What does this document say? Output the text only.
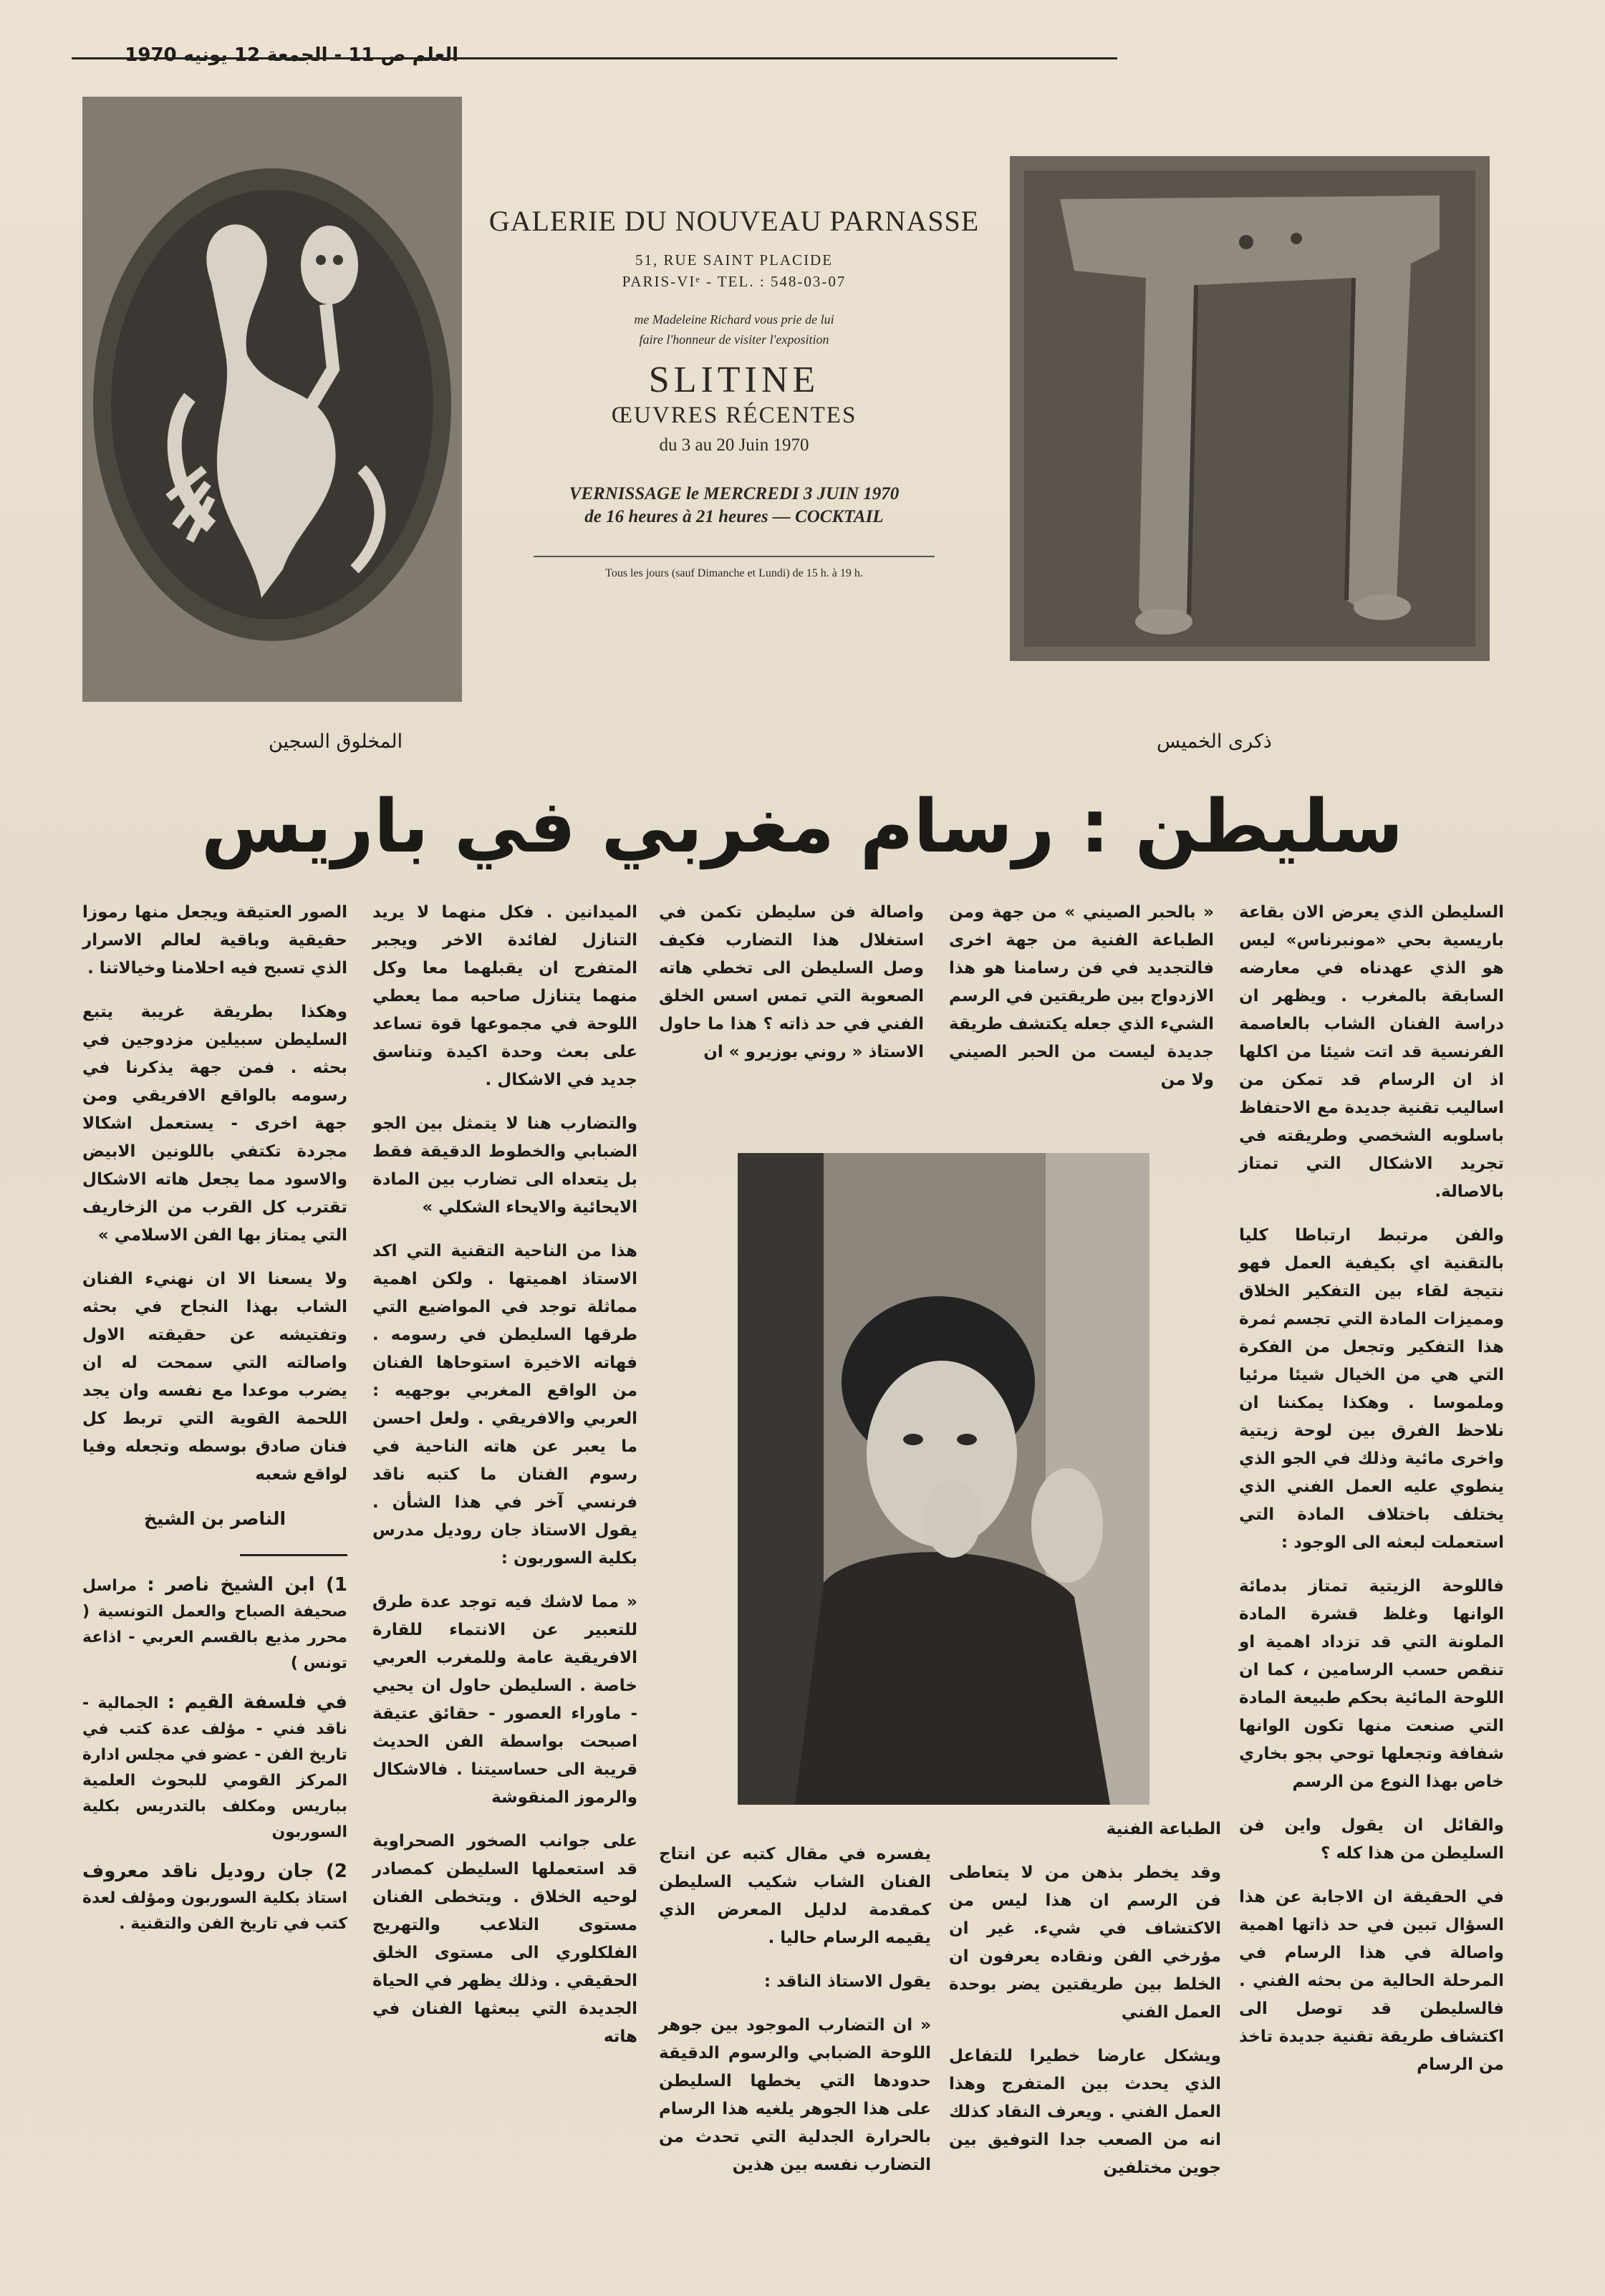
العلم ص 11 - الجمعة 12 يونيه 1970
GALERIE DU NOUVEAU PARNASSE
51, RUE SAINT PLACIDE
PARIS-VIᵉ - TEL. : 548-03-07
me Madeleine Richard vous prie de lui
faire l'honneur de visiter l'exposition
SLITINE
ŒUVRES RÉCENTES
du 3 au 20 Juin 1970
VERNISSAGE le MERCREDI 3 JUIN 1970
de 16 heures à 21 heures — COCKTAIL
Tous les jours (sauf Dimanche et Lundi) de 15 h. à 19 h.
المخلوق السجين	ذكرى الخميس
سليطن : رسام مغربي في باريس

السليطن الذي يعرض الان بقاعة باريسية بحي «مونبرناس» ليس هو الذي عهدناه في معارضه السابقة بالمغرب . ويظهر ان دراسة الفنان الشاب بالعاصمة الفرنسية قد اتت شيئا من اكلها اذ ان الرسام قد تمكن من اساليب تقنية جديدة مع الاحتفاظ باسلوبه الشخصي وطريقته في تجريد الاشكال التي تمتاز بالاصالة.

والفن مرتبط ارتباطا كليا بالتقنية اي بكيفية العمل فهو نتيجة لقاء بين التفكير الخلاق ومميزات المادة التي تجسم ثمرة هذا التفكير وتجعل من الفكرة التي هي من الخيال شيئا مرئيا وملموسا . وهكذا يمكننا ان نلاحظ الفرق بين لوحة زيتية واخرى مائية وذلك في الجو الذي ينطوي عليه العمل الفني الذي يختلف باختلاف المادة التي استعملت لبعثه الى الوجود :

فاللوحة الزيتية تمتاز بدمائة الوانها وغلظ قشرة المادة الملونة التي قد تزداد اهمية او تنقص حسب الرسامين ، كما ان اللوحة المائية بحكم طبيعة المادة التي صنعت منها تكون الوانها شفافة وتجعلها توحي بجو بخاري خاص بهذا النوع من الرسم

والقائل ان يقول واين فن السليطن من هذا كله ؟

في الحقيقة ان الاجابة عن هذا السؤال تبين في حد ذاتها اهمية واصالة في هذا الرسام في المرحلة الحالية من بحثه الفني . فالسليطن قد توصل الى اكتشاف طريقة تقنية جديدة تاخذ من الرسام

« بالحبر الصيني » من جهة ومن الطباعة الفنية من جهة اخرى فالتجديد في فن رسامنا هو هذا الازدواج بين طريقتين في الرسم الشيء الذي جعله يكتشف طريقة جديدة ليست من الحبر الصيني ولا من

واصالة فن سليطن تكمن في استغلال هذا التضارب فكيف وصل السليطن الى تخطي هاته الصعوبة التي تمس اسس الخلق الفني في حد ذاته ؟ هذا ما حاول الاستاذ « روني بوزيرو » ان

الطباعة الفنية

وقد يخطر بذهن من لا يتعاطى فن الرسم ان هذا ليس من الاكتشاف في شيء. غير ان مؤرخي الفن ونقاده يعرفون ان الخلط بين طريقتين يضر بوحدة العمل الفني

ويشكل عارضا خطيرا للتفاعل الذي يحدث بين المتفرج وهذا العمل الفني . ويعرف النقاد كذلك انه من الصعب جدا التوفيق بين جوين مختلفين

يفسره في مقال كتبه عن انتاج الفنان الشاب شكيب السليطن كمقدمة لدليل المعرض الذي يقيمه الرسام حاليا .

يقول الاستاذ الناقد :

« ان التضارب الموجود بين جوهر اللوحة الضبابي والرسوم الدقيقة حدودها التي يخطها السليطن على هذا الجوهر يلغيه هذا الرسام بالحرارة الجدلية التي تحدث من التضارب نفسه بين هذين

الميدانين . فكل منهما لا يريد التنازل لفائدة الاخر ويجبر المتفرج ان يقبلهما معا وكل منهما يتنازل صاحبه مما يعطي اللوحة في مجموعها قوة تساعد على بعث وحدة اكيدة وتناسق جديد في الاشكال .

والتضارب هنا لا يتمثل بين الجو الضبابي والخطوط الدقيقة فقط بل يتعداه الى تضارب بين المادة الايحائية والايحاء الشكلي »

هذا من الناحية التقنية التي اكد الاستاذ اهميتها . ولكن اهمية مماثلة توجد في المواضيع التي طرقها السليطن في رسومه . فهاته الاخيرة استوحاها الفنان من الواقع المغربي بوجهيه : العربي والافريقي . ولعل احسن ما يعبر عن هاته الناحية في رسوم الفنان ما كتبه ناقد فرنسي آخر في هذا الشأن . يقول الاستاذ جان روديل مدرس بكلية السوربون :

« مما لاشك فيه توجد عدة طرق للتعبير عن الانتماء للقارة الافريقية عامة وللمغرب العربي خاصة . السليطن حاول ان يحيي - ماوراء العصور - حقائق عتيقة اصبحت بواسطة الفن الحديث قريبة الى حساسيتنا . فالاشكال والرموز المنقوشة

على جوانب الصخور الصحراوية قد استعملها السليطن كمصادر لوحيه الخلاق . ويتخطى الفنان مستوى التلاعب والتهريج الفلكلوري الى مستوى الخلق الحقيقي . وذلك يظهر في الحياة الجديدة التي يبعثها الفنان في هاته

الصور العتيقة ويجعل منها رموزا حقيقية وباقية لعالم الاسرار الذي تسبح فيه احلامنا وخيالاتنا .

وهكذا بطريقة غريبة يتبع السليطن سبيلين مزدوجين في بحثه . فمن جهة يذكرنا في رسومه بالواقع الافريقي ومن جهة اخرى - يستعمل اشكالا مجردة تكتفي باللونين الابيض والاسود مما يجعل هاته الاشكال تقترب كل القرب من الزخاريف التي يمتاز بها الفن الاسلامي »

ولا يسعنا الا ان نهنيء الفنان الشاب بهذا النجاح في بحثه وتفتيشه عن حقيقته الاول واصالته التي سمحت له ان يضرب موعدا مع نفسه وان يجد اللحمة القوية التي تربط كل فنان صادق بوسطه وتجعله وفيا لواقع شعبه

الناصر بن الشيخ
1) ابن الشيخ ناصر : مراسل صحيفة الصباح والعمل التونسية ( محرر مذيع بالقسم العربي - اذاعة تونس )
في فلسفة القيم : الجمالية - ناقد فني - مؤلف عدة كتب في تاريخ الفن - عضو في مجلس ادارة المركز القومي للبحوث العلمية بباريس ومكلف بالتدريس بكلية السوربون
2) جان روديل ناقد معروف استاذ بكلية السوربون ومؤلف لعدة كتب في تاريخ الفن والتقنية .
